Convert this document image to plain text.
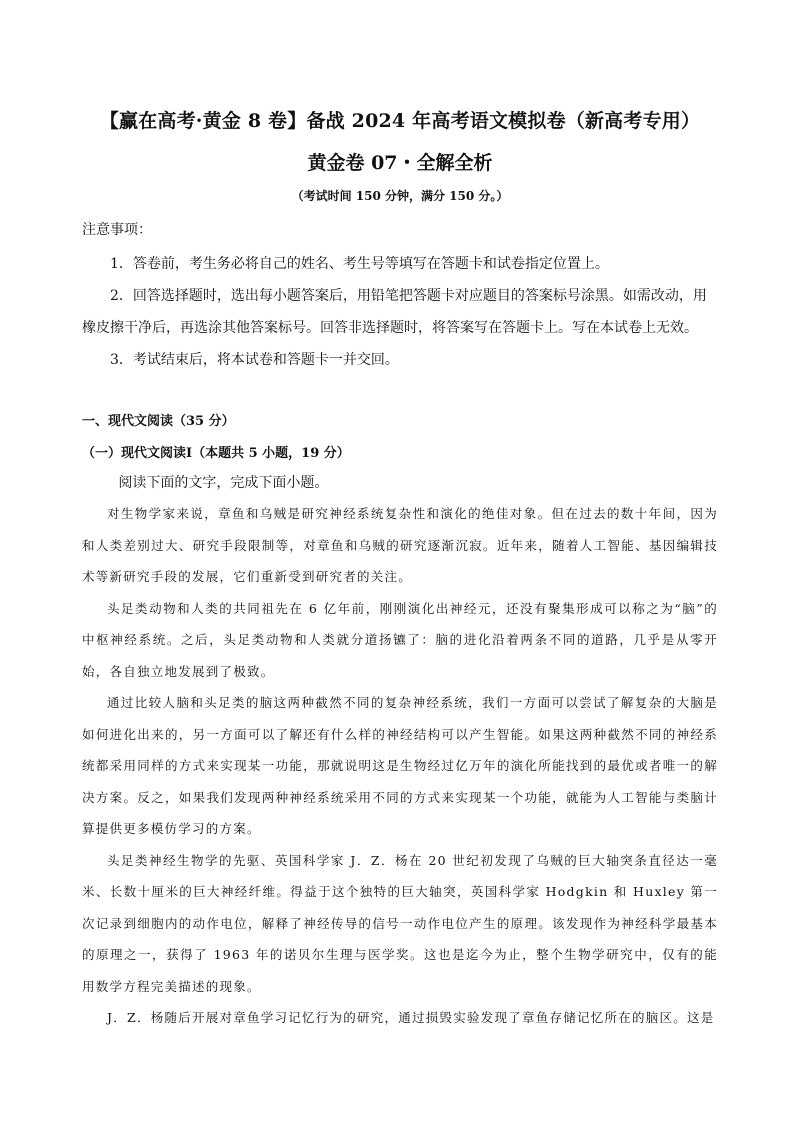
【赢在高考·黄金 8 卷】备战 2024 年高考语文模拟卷（新高考专用）
黄金卷 07・全解全析
（考试时间 150 分钟，满分 150 分。）
注意事项：
1．答卷前，考生务必将自己的姓名、考生号等填写在答题卡和试卷指定位置上。
2．回答选择题时，选出每小题答案后，用铅笔把答题卡对应题目的答案标号涂黑。如需改动，用橡皮擦干净后，再选涂其他答案标号。回答非选择题时，将答案写在答题卡上。写在本试卷上无效。
3．考试结束后，将本试卷和答题卡一并交回。
一、现代文阅读（35 分）
（一）现代文阅读Ⅰ（本题共 5 小题，19 分）
阅读下面的文字，完成下面小题。

对生物学家来说，章鱼和乌贼是研究神经系统复杂性和演化的绝佳对象。但在过去的数十年间，因为和人类差别过大、研究手段限制等，对章鱼和乌贼的研究逐渐沉寂。近年来，随着人工智能、基因编辑技术等新研究手段的发展，它们重新受到研究者的关注。

头足类动物和人类的共同祖先在 6 亿年前，刚刚演化出神经元，还没有聚集形成可以称之为“脑”的中枢神经系统。之后，头足类动物和人类就分道扬镳了：脑的进化沿着两条不同的道路，几乎是从零开始，各自独立地发展到了极致。

通过比较人脑和头足类的脑这两种截然不同的复杂神经系统，我们一方面可以尝试了解复杂的大脑是如何进化出来的，另一方面可以了解还有什么样的神经结构可以产生智能。如果这两种截然不同的神经系统都采用同样的方式来实现某一功能，那就说明这是生物经过亿万年的演化所能找到的最优或者唯一的解决方案。反之，如果我们发现两种神经系统采用不同的方式来实现某一个功能，就能为人工智能与类脑计算提供更多模仿学习的方案。

头足类神经生物学的先驱、英国科学家 J．Z．杨在 20 世纪初发现了乌贼的巨大轴突条直径达一毫米、长数十厘米的巨大神经纤维。得益于这个独特的巨大轴突，英国科学家 Hodgkin 和 Huxley 第一次记录到细胞内的动作电位，解释了神经传导的信号一动作电位产生的原理。该发现作为神经科学最基本的原理之一，获得了 1963 年的诺贝尔生理与医学奖。这也是迄今为止，整个生物学研究中，仅有的能用数学方程完美描述的现象。

J．Z．杨随后开展对章鱼学习记忆行为的研究，通过损毁实验发现了章鱼存储记忆所在的脑区。这是
